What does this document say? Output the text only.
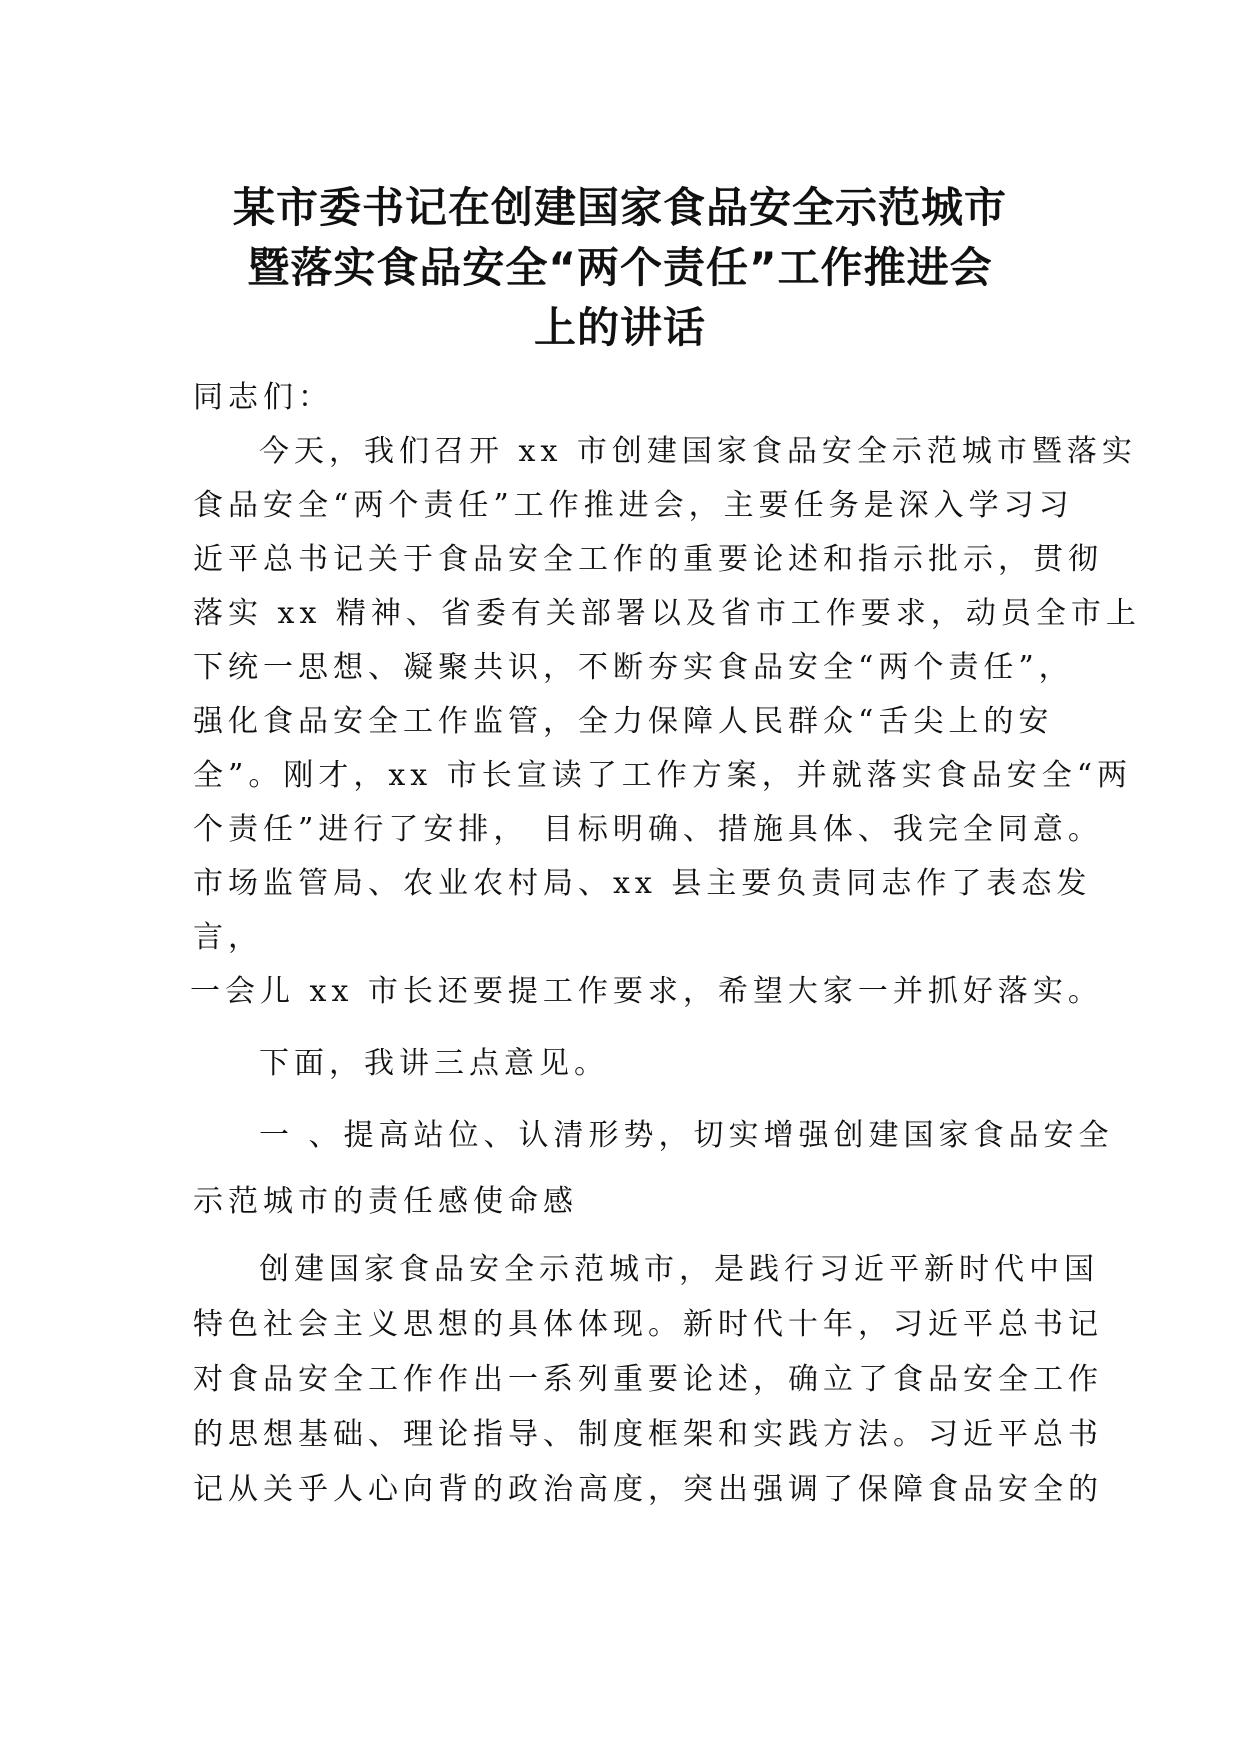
某市委书记在创建国家食品安全示范城市
暨落实食品安全“两个责任”工作推进会
上的讲话

同志们：

今天，我们召开 xx 市创建国家食品安全示范城市暨落实

食品安全“两个责任”工作推进会，主要任务是深入学习习

近平总书记关于食品安全工作的重要论述和指示批示，贯彻

落实 xx 精神、省委有关部署以及省市工作要求，动员全市上

下统一思想、凝聚共识，不断夯实食品安全“两个责任”，

强化食品安全工作监管，全力保障人民群众“舌尖上的安

全”。刚才，xx 市长宣读了工作方案，并就落实食品安全“两

个责任”进行了安排， 目标明确、措施具体、我完全同意。

市场监管局、农业农村局、xx 县主要负责同志作了表态发

言，

一会儿 xx 市长还要提工作要求，希望大家一并抓好落实。

下面，我讲三点意见。

一 、提高站位、认清形势，切实增强创建国家食品安全

示范城市的责任感使命感

创建国家食品安全示范城市，是践行习近平新时代中国

特色社会主义思想的具体体现。新时代十年，习近平总书记

对食品安全工作作出一系列重要论述，确立了食品安全工作

的思想基础、理论指导、制度框架和实践方法。习近平总书

记从关乎人心向背的政治高度，突出强调了保障食品安全的
